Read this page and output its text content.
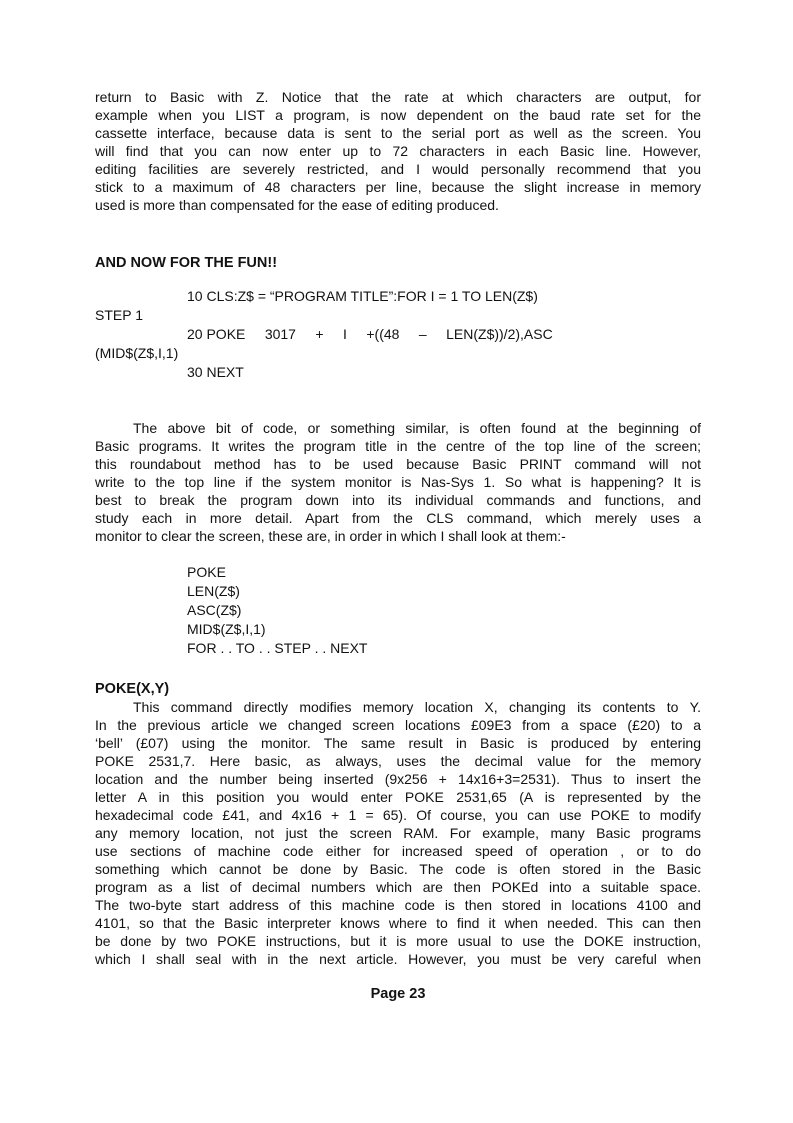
return to Basic with Z. Notice that the rate at which characters are output, for
example when you LIST a program, is now dependent on the baud rate set for the
cassette interface, because data is sent to the serial port as well as the screen. You
will find that you can now enter up to 72 characters in each Basic line. However,
editing facilities are severely restricted, and I would personally recommend that you
stick to a maximum of 48 characters per line, because the slight increase in memory
used is more than compensated for the ease of editing produced.
AND NOW FOR THE FUN!!
10 CLS:Z$ = “PROGRAM TITLE”:FOR I = 1 TO LEN(Z$)
STEP 1
20 POKE     3017     +     I     +((48     –     LEN(Z$))/2),ASC
(MID$(Z$,I,1)
30 NEXT
The above bit of code, or something similar, is often found at the beginning of
Basic programs. It writes the program title in the centre of the top line of the screen;
this roundabout method has to be used because Basic PRINT command will not
write to the top line if the system monitor is Nas-Sys 1. So what is happening? It is
best to break the program down into its individual commands and functions, and
study each in more detail. Apart from the CLS command, which merely uses a
monitor to clear the screen, these are, in order in which I shall look at them:-
POKE
LEN(Z$)
ASC(Z$)
MID$(Z$,I,1)
FOR . . TO . . STEP . . NEXT
POKE(X,Y)
This command directly modifies memory location X, changing its contents to Y.
In the previous article we changed screen locations £09E3 from a space (£20) to a
‘bell’ (£07) using the monitor. The same result in Basic is produced by entering
POKE 2531,7. Here basic, as always, uses the decimal value for the memory
location and the number being inserted (9x256 + 14x16+3=2531). Thus to insert the
letter A in this position you would enter POKE 2531,65 (A is represented by the
hexadecimal code £41, and 4x16 + 1 = 65). Of course, you can use POKE to modify
any memory location, not just the screen RAM. For example, many Basic programs
use sections of machine code either for increased speed of operation , or to do
something which cannot be done by Basic. The code is often stored in the Basic
program as a list of decimal numbers which are then POKEd into a suitable space.
The two-byte start address of this machine code is then stored in locations 4100 and
4101, so that the Basic interpreter knows where to find it when needed. This can then
be done by two POKE instructions, but it is more usual to use the DOKE instruction,
which I shall seal with in the next article. However, you must be very careful when
Page 23
